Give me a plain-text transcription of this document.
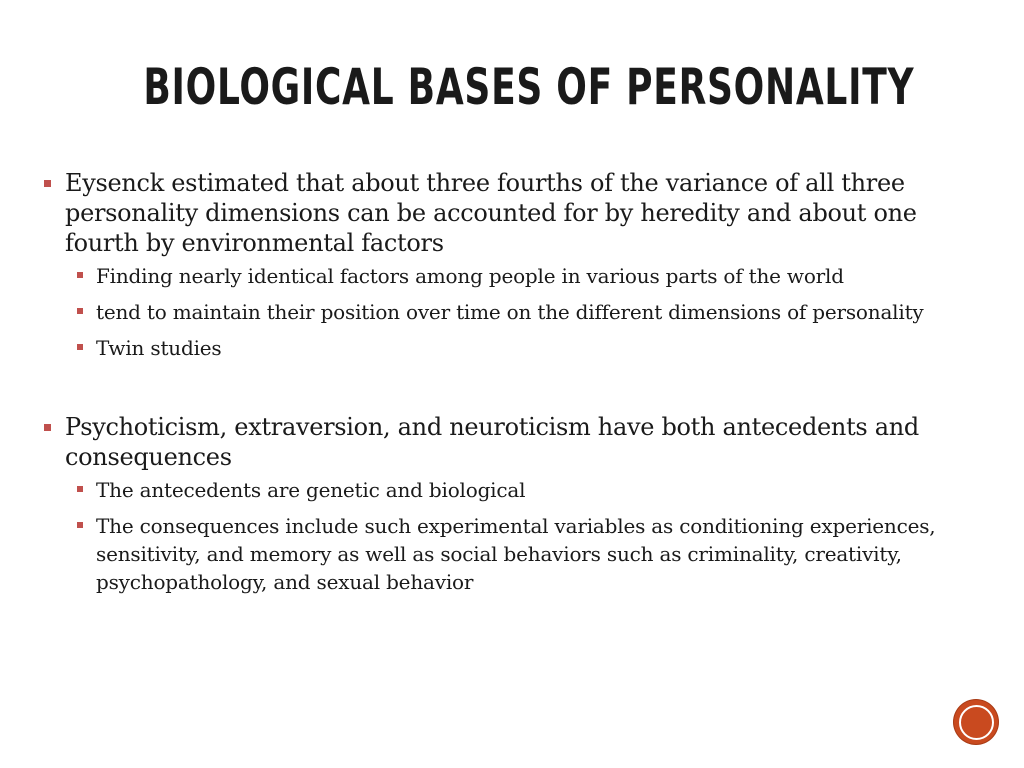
BIOLOGICAL BASES OF PERSONALITY
Eysenck estimated that about three fourths of the variance of all three personality dimensions can be accounted for by heredity and about one fourth by environmental factors
Finding nearly identical factors among people in various parts of the world
tend to maintain their position over time on the different dimensions of personality
Twin studies
Psychoticism, extraversion, and neuroticism have both antecedents and consequences
The antecedents are genetic and biological
The consequences include such experimental variables as conditioning experiences, sensitivity, and memory as well as social behaviors such as criminality, creativity, psychopathology, and sexual behavior
